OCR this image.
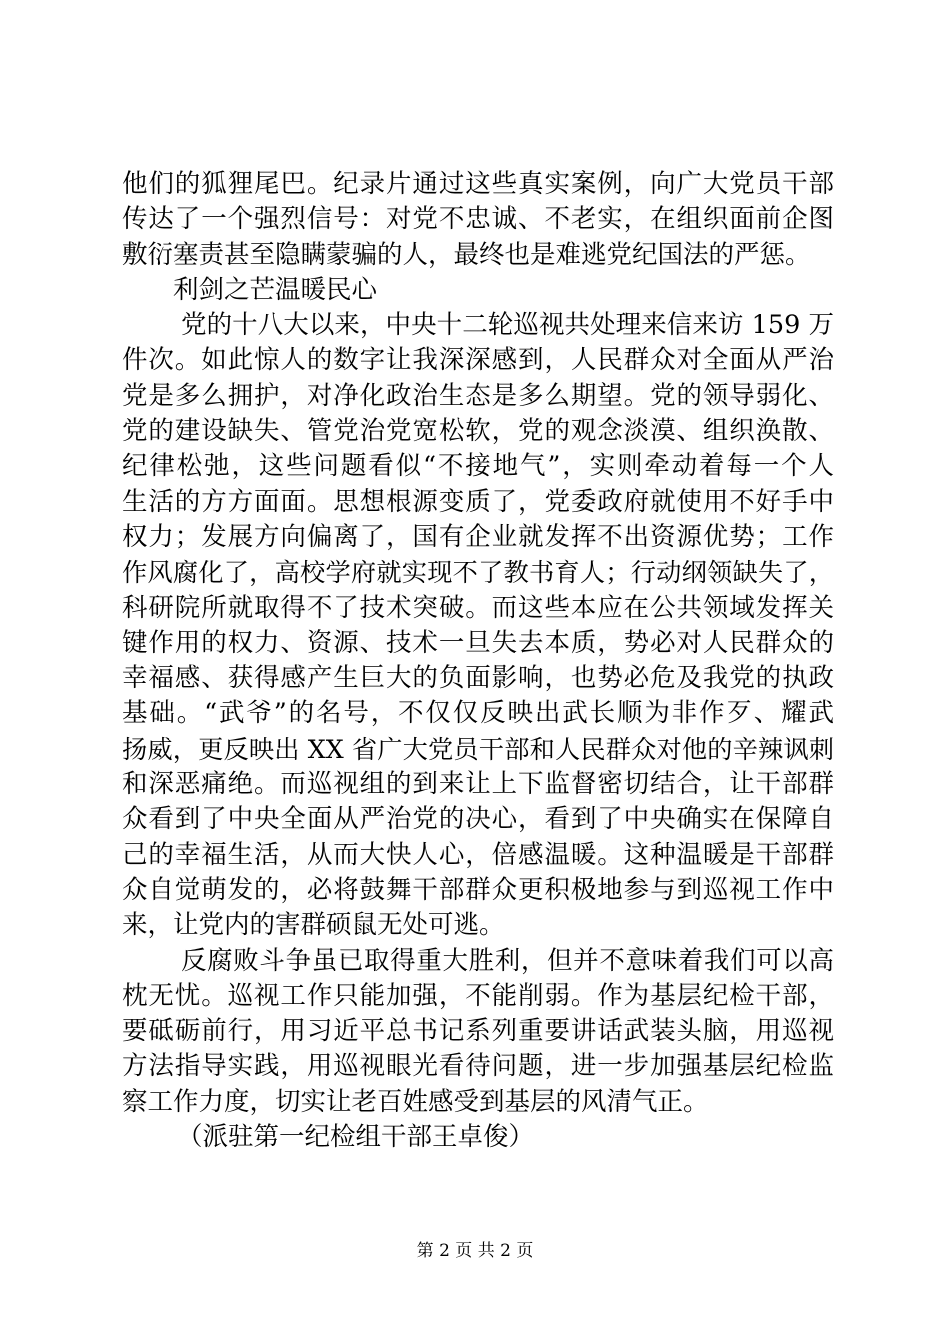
他们的狐狸尾巴。纪录片通过这些真实案例，向广大党员干部
传达了一个强烈信号：对党不忠诚、不老实，在组织面前企图
敷衍塞责甚至隐瞒蒙骗的人，最终也是难逃党纪国法的严惩。
利剑之芒温暖民心
党的十八大以来，中央十二轮巡视共处理来信来访 159 万
件次。如此惊人的数字让我深深感到，人民群众对全面从严治
党是多么拥护，对净化政治生态是多么期望。党的领导弱化、
党的建设缺失、管党治党宽松软，党的观念淡漠、组织涣散、
纪律松弛，这些问题看似“不接地气”，实则牵动着每一个人
生活的方方面面。思想根源变质了，党委政府就使用不好手中
权力；发展方向偏离了，国有企业就发挥不出资源优势；工作
作风腐化了，高校学府就实现不了教书育人；行动纲领缺失了，
科研院所就取得不了技术突破。而这些本应在公共领域发挥关
键作用的权力、资源、技术一旦失去本质，势必对人民群众的
幸福感、获得感产生巨大的负面影响，也势必危及我党的执政
基础。“武爷”的名号，不仅仅反映出武长顺为非作歹、耀武
扬威，更反映出 XX 省广大党员干部和人民群众对他的辛辣讽刺
和深恶痛绝。而巡视组的到来让上下监督密切结合，让干部群
众看到了中央全面从严治党的决心，看到了中央确实在保障自
己的幸福生活，从而大快人心，倍感温暖。这种温暖是干部群
众自觉萌发的，必将鼓舞干部群众更积极地参与到巡视工作中
来，让党内的害群硕鼠无处可逃。
反腐败斗争虽已取得重大胜利，但并不意味着我们可以高
枕无忧。巡视工作只能加强，不能削弱。作为基层纪检干部，
要砥砺前行，用习近平总书记系列重要讲话武装头脑，用巡视
方法指导实践，用巡视眼光看待问题，进一步加强基层纪检监
察工作力度，切实让老百姓感受到基层的风清气正。
（派驻第一纪检组干部王卓俊）
第 2 页 共 2 页
